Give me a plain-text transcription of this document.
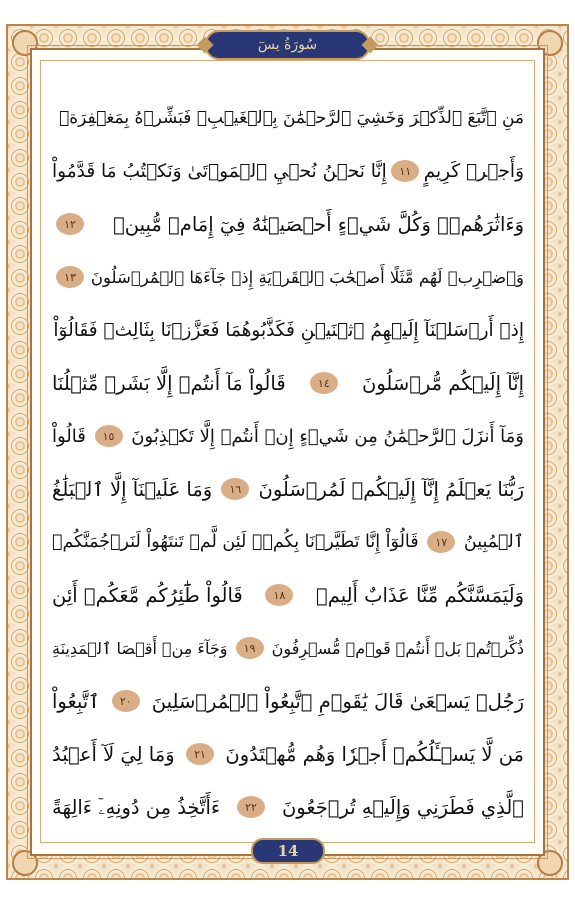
سُورَةُ يسٓ
مَنِ ٱتَّبَعَ ٱلذِّكۡرَ وَخَشِيَ ٱلرَّحۡمَٰنَ بِٱلۡغَيۡبِۖ فَبَشِّرۡهُ بِمَغۡفِرَةٖ
وَأَجۡرٖ كَرِيمٍ
١١
إِنَّا نَحۡنُ نُحۡيِ ٱلۡمَوۡتَىٰ وَنَكۡتُبُ مَا قَدَّمُواْ
وَءَاثَٰرَهُمۡۚ وَكُلَّ شَيۡءٍ أَحۡصَيۡنَٰهُ فِيٓ إِمَامٖ مُّبِينٖ
١٢
وَٱضۡرِبۡ لَهُم مَّثَلًا أَصۡحَٰبَ ٱلۡقَرۡيَةِ إِذۡ جَآءَهَا ٱلۡمُرۡسَلُونَ
١٣
إِذۡ أَرۡسَلۡنَآ إِلَيۡهِمُ ٱثۡنَيۡنِ فَكَذَّبُوهُمَا فَعَزَّزۡنَا بِثَالِثٖ فَقَالُوٓاْ
إِنَّآ إِلَيۡكُم مُّرۡسَلُونَ
١٤
قَالُواْ مَآ أَنتُمۡ إِلَّا بَشَرٞ مِّثۡلُنَا
وَمَآ أَنزَلَ ٱلرَّحۡمَٰنُ مِن شَيۡءٍ إِنۡ أَنتُمۡ إِلَّا تَكۡذِبُونَ
١٥
قَالُواْ
رَبُّنَا يَعۡلَمُ إِنَّآ إِلَيۡكُمۡ لَمُرۡسَلُونَ
١٦
وَمَا عَلَيۡنَآ إِلَّا ٱلۡبَلَٰغُ
ٱلۡمُبِينُ
١٧
قَالُوٓاْ إِنَّا تَطَيَّرۡنَا بِكُمۡۖ لَئِن لَّمۡ تَنتَهُواْ لَنَرۡجُمَنَّكُمۡ
وَلَيَمَسَّنَّكُم مِّنَّا عَذَابٌ أَلِيمٞ
١٨
قَالُواْ طَٰٓئِرُكُم مَّعَكُمۡ أَئِن
ذُكِّرۡتُمۚ بَلۡ أَنتُمۡ قَوۡمٞ مُّسۡرِفُونَ
١٩
وَجَآءَ مِنۡ أَقۡصَا ٱلۡمَدِينَةِ
رَجُلٞ يَسۡعَىٰ قَالَ يَٰقَوۡمِ ٱتَّبِعُواْ ٱلۡمُرۡسَلِينَ
٢٠
ٱتَّبِعُواْ
مَن لَّا يَسۡـَٔلُكُمۡ أَجۡرٗا وَهُم مُّهۡتَدُونَ
٢١
وَمَا لِيَ لَآ أَعۡبُدُ
ٱلَّذِي فَطَرَنِي وَإِلَيۡهِ تُرۡجَعُونَ
٢٢
ءَأَتَّخِذُ مِن دُونِهِۦٓ ءَالِهَةً
14
